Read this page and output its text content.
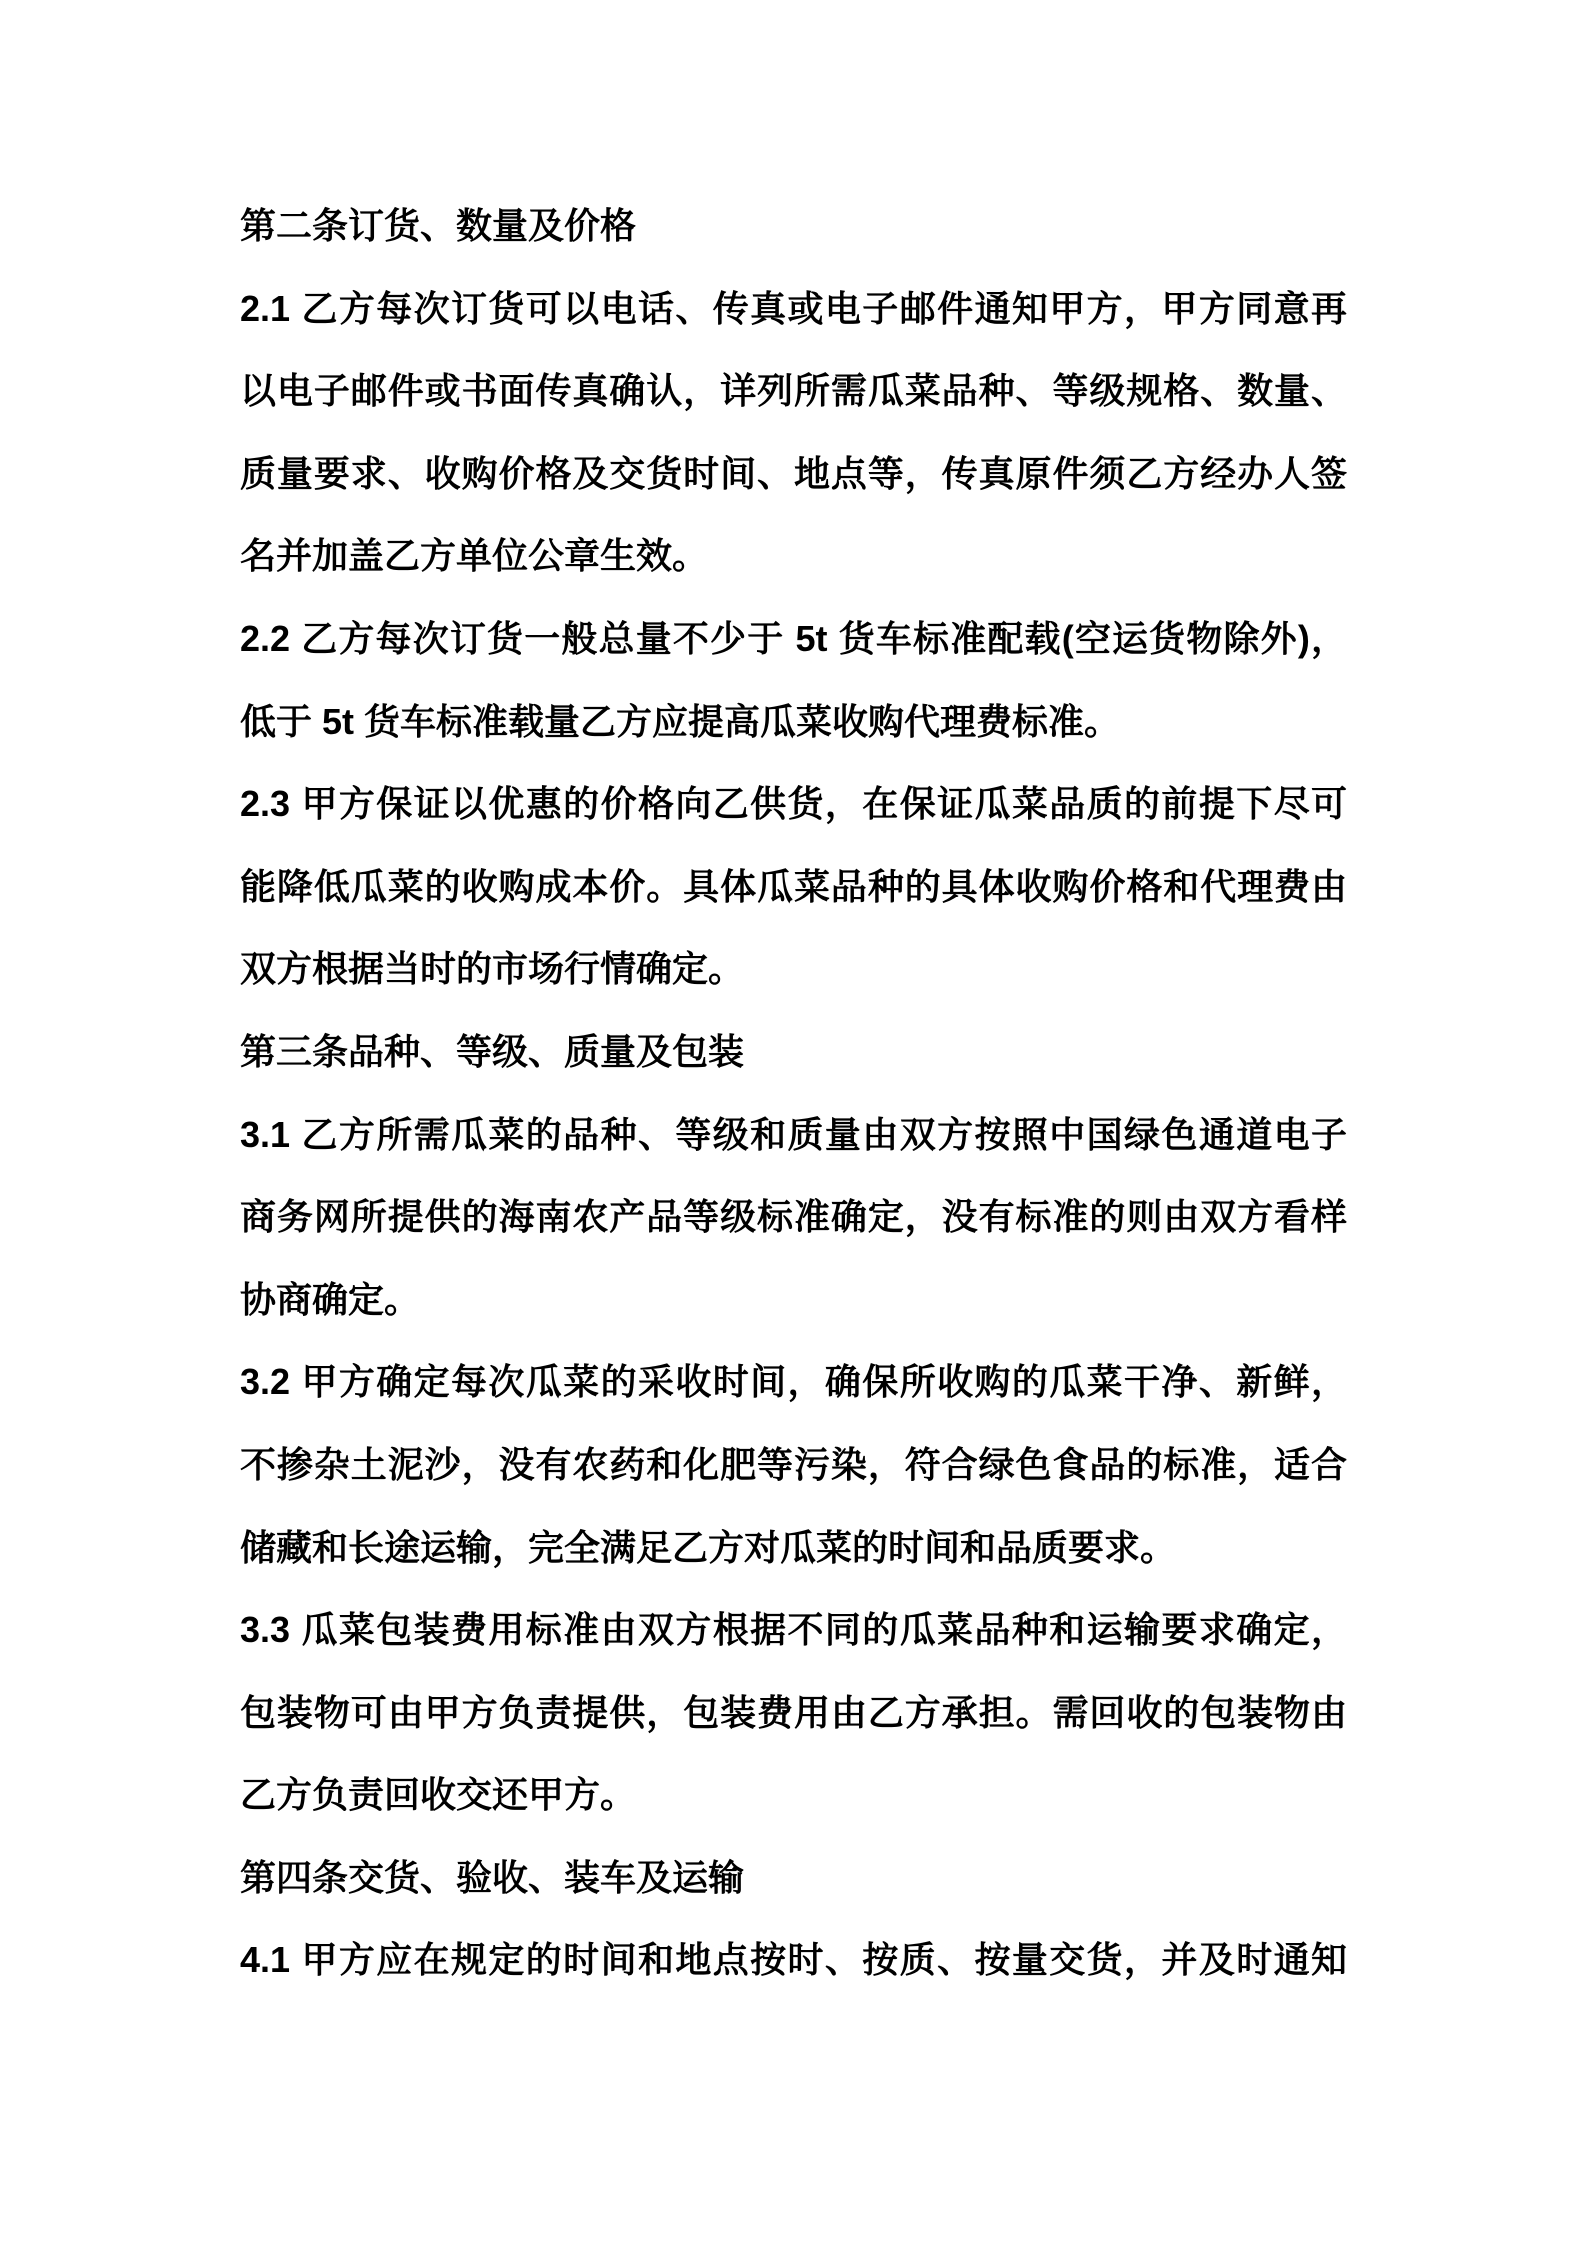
第二条订货、数量及价格
2.1 乙方每次订货可以电话、传真或电子邮件通知甲方，甲方同意再
以电子邮件或书面传真确认，详列所需瓜菜品种、等级规格、数量、
质量要求、收购价格及交货时间、地点等，传真原件须乙方经办人签
名并加盖乙方单位公章生效。
2.2 乙方每次订货一般总量不少于 5t 货车标准配载(空运货物除外)，
低于 5t 货车标准载量乙方应提高瓜菜收购代理费标准。
2.3 甲方保证以优惠的价格向乙供货，在保证瓜菜品质的前提下尽可
能降低瓜菜的收购成本价。具体瓜菜品种的具体收购价格和代理费由
双方根据当时的市场行情确定。
第三条品种、等级、质量及包装
3.1 乙方所需瓜菜的品种、等级和质量由双方按照中国绿色通道电子
商务网所提供的海南农产品等级标准确定，没有标准的则由双方看样
协商确定。
3.2 甲方确定每次瓜菜的采收时间，确保所收购的瓜菜干净、新鲜，
不掺杂土泥沙，没有农药和化肥等污染，符合绿色食品的标准，适合
储藏和长途运输，完全满足乙方对瓜菜的时间和品质要求。
3.3 瓜菜包装费用标准由双方根据不同的瓜菜品种和运输要求确定，
包装物可由甲方负责提供，包装费用由乙方承担。需回收的包装物由
乙方负责回收交还甲方。
第四条交货、验收、装车及运输
4.1 甲方应在规定的时间和地点按时、按质、按量交货，并及时通知
